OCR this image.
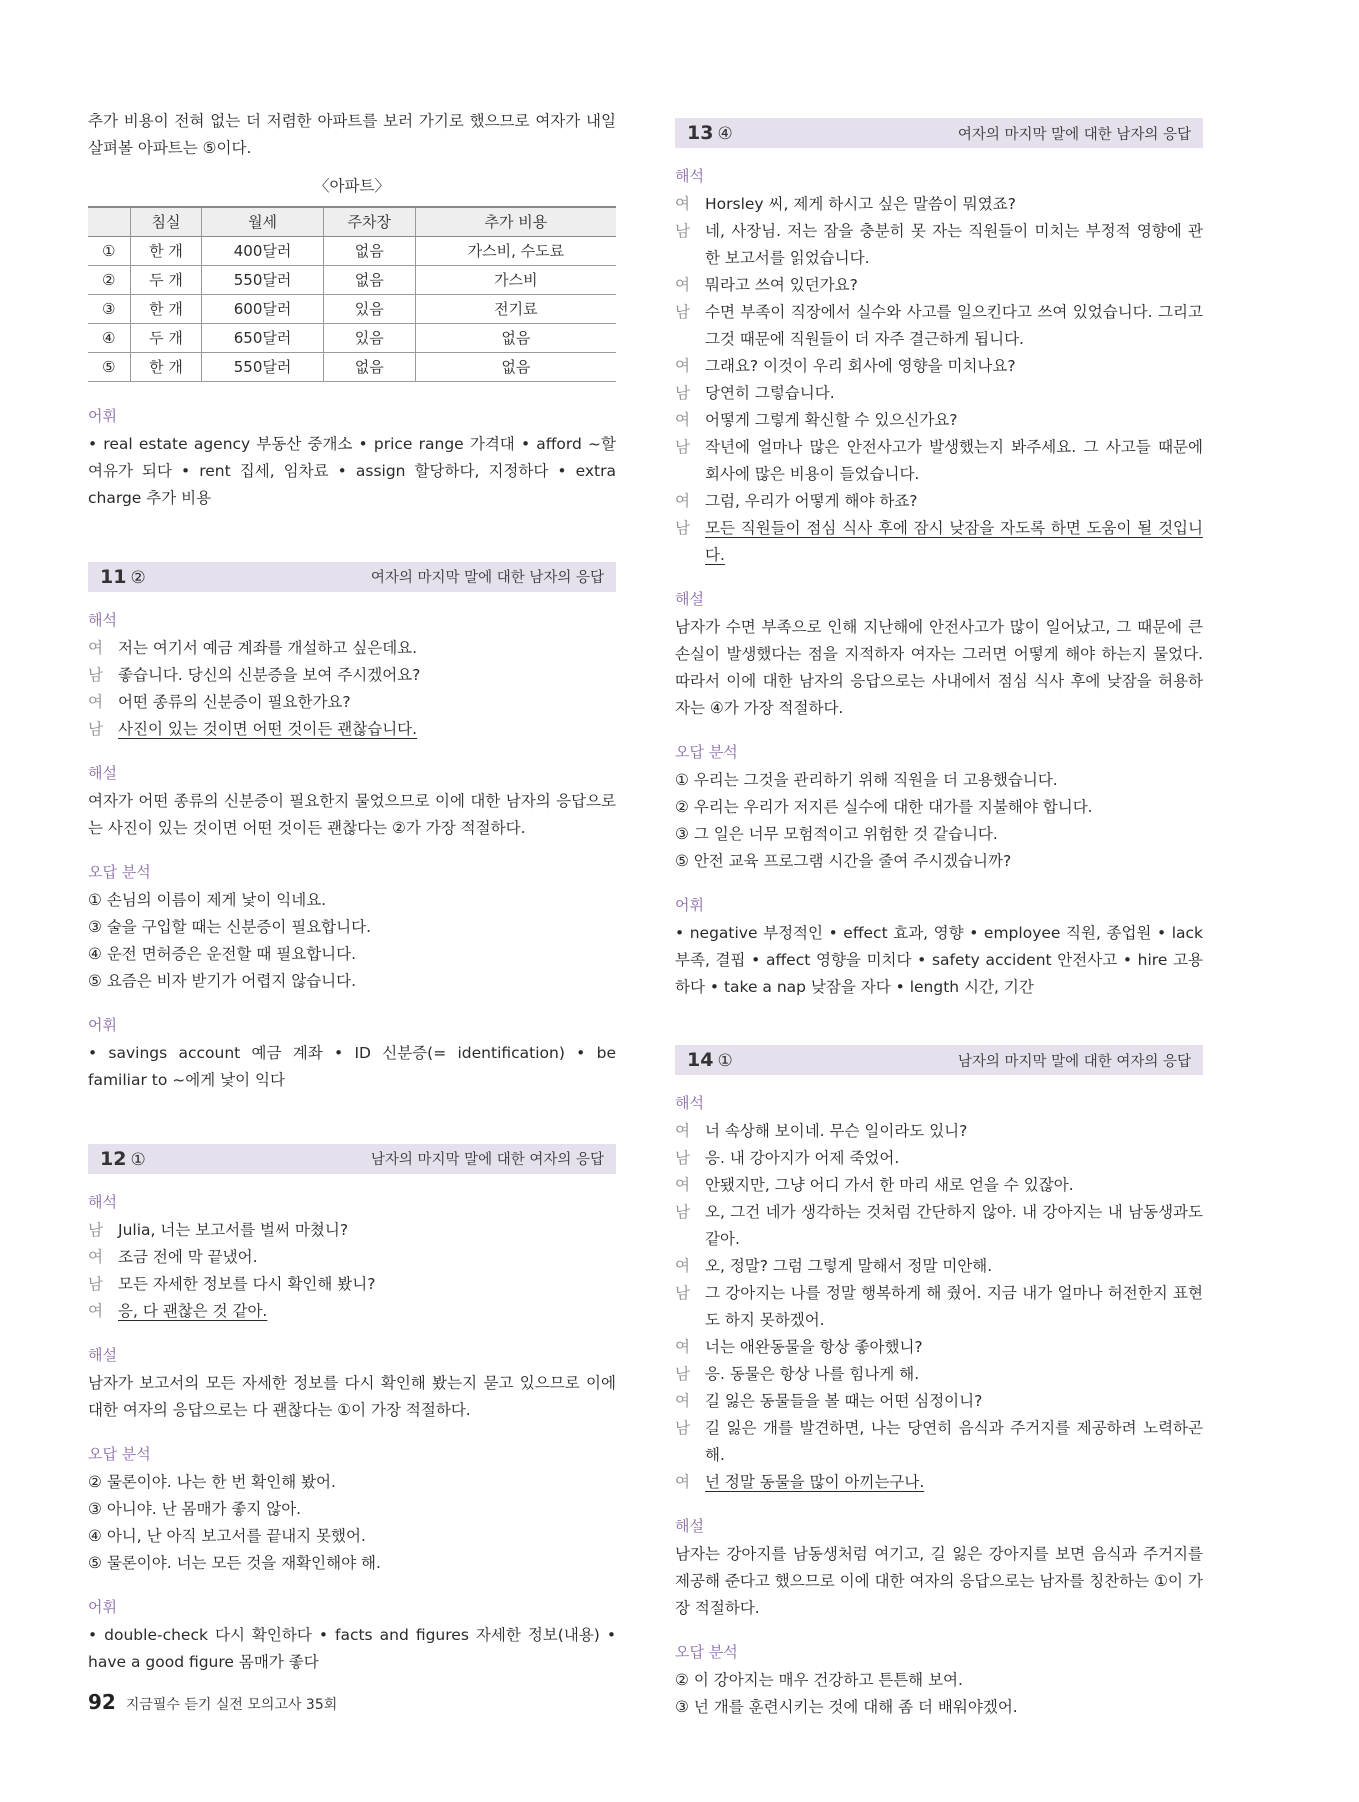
추가 비용이 전혀 없는 더 저렴한 아파트를 보러 가기로 했으므로 여자가 내일 살펴볼 아파트는 ⑤이다.

〈아파트〉
	침실	월세	주차장	추가 비용
①	한 개	400달러	없음	가스비, 수도료
②	두 개	550달러	없음	가스비
③	한 개	600달러	있음	전기료
④	두 개	650달러	있음	없음
⑤	한 개	550달러	없음	없음
어휘

• real estate agency 부동산 중개소 • price range 가격대 • afford ~할 여유가 되다 • rent 집세, 임차료 • assign 할당하다, 지정하다 • extra charge 추가 비용

11 ②	여자의 마지막 말에 대한 남자의 응답
해석
여 저는 여기서 예금 계좌를 개설하고 싶은데요.
남 좋습니다. 당신의 신분증을 보여 주시겠어요?
여 어떤 종류의 신분증이 필요한가요?
남 사진이 있는 것이면 어떤 것이든 괜찮습니다.
해설

여자가 어떤 종류의 신분증이 필요한지 물었으므로 이에 대한 남자의 응답으로는 사진이 있는 것이면 어떤 것이든 괜찮다는 ②가 가장 적절하다.

오답 분석
① 손님의 이름이 제게 낯이 익네요.
③ 술을 구입할 때는 신분증이 필요합니다.
④ 운전 면허증은 운전할 때 필요합니다.
⑤ 요즘은 비자 받기가 어렵지 않습니다.
어휘

• savings account 예금 계좌 • ID 신분증(= identification) • be familiar to ~에게 낯이 익다

12 ①	남자의 마지막 말에 대한 여자의 응답
해석
남 Julia, 너는 보고서를 벌써 마쳤니?
여 조금 전에 막 끝냈어.
남 모든 자세한 정보를 다시 확인해 봤니?
여 응, 다 괜찮은 것 같아.
해설

남자가 보고서의 모든 자세한 정보를 다시 확인해 봤는지 묻고 있으므로 이에 대한 여자의 응답으로는 다 괜찮다는 ①이 가장 적절하다.

오답 분석
② 물론이야. 나는 한 번 확인해 봤어.
③ 아니야. 난 몸매가 좋지 않아.
④ 아니, 난 아직 보고서를 끝내지 못했어.
⑤ 물론이야. 너는 모든 것을 재확인해야 해.
어휘

• double-check 다시 확인하다 • facts and figures 자세한 정보(내용) • have a good figure 몸매가 좋다

13 ④	여자의 마지막 말에 대한 남자의 응답
해석
여 Horsley 씨, 제게 하시고 싶은 말씀이 뭐였죠?
남 네, 사장님. 저는 잠을 충분히 못 자는 직원들이 미치는 부정적 영향에 관한 보고서를 읽었습니다.
여 뭐라고 쓰여 있던가요?
남 수면 부족이 직장에서 실수와 사고를 일으킨다고 쓰여 있었습니다. 그리고 그것 때문에 직원들이 더 자주 결근하게 됩니다.
여 그래요? 이것이 우리 회사에 영향을 미치나요?
남 당연히 그렇습니다.
여 어떻게 그렇게 확신할 수 있으신가요?
남 작년에 얼마나 많은 안전사고가 발생했는지 봐주세요. 그 사고들 때문에 회사에 많은 비용이 들었습니다.
여 그럼, 우리가 어떻게 해야 하죠?
남 모든 직원들이 점심 식사 후에 잠시 낮잠을 자도록 하면 도움이 될 것입니다.
해설

남자가 수면 부족으로 인해 지난해에 안전사고가 많이 일어났고, 그 때문에 큰 손실이 발생했다는 점을 지적하자 여자는 그러면 어떻게 해야 하는지 물었다. 따라서 이에 대한 남자의 응답으로는 사내에서 점심 식사 후에 낮잠을 허용하자는 ④가 가장 적절하다.

오답 분석
① 우리는 그것을 관리하기 위해 직원을 더 고용했습니다.
② 우리는 우리가 저지른 실수에 대한 대가를 지불해야 합니다.
③ 그 일은 너무 모험적이고 위험한 것 같습니다.
⑤ 안전 교육 프로그램 시간을 줄여 주시겠습니까?
어휘

• negative 부정적인 • effect 효과, 영향 • employee 직원, 종업원 • lack 부족, 결핍 • affect 영향을 미치다 • safety accident 안전사고 • hire 고용하다 • take a nap 낮잠을 자다 • length 시간, 기간

14 ①	남자의 마지막 말에 대한 여자의 응답
해석
여 너 속상해 보이네. 무슨 일이라도 있니?
남 응. 내 강아지가 어제 죽었어.
여 안됐지만, 그냥 어디 가서 한 마리 새로 얻을 수 있잖아.
남 오, 그건 네가 생각하는 것처럼 간단하지 않아. 내 강아지는 내 남동생과도 같아.
여 오, 정말? 그럼 그렇게 말해서 정말 미안해.
남 그 강아지는 나를 정말 행복하게 해 줬어. 지금 내가 얼마나 허전한지 표현도 하지 못하겠어.
여 너는 애완동물을 항상 좋아했니?
남 응. 동물은 항상 나를 힘나게 해.
여 길 잃은 동물들을 볼 때는 어떤 심정이니?
남 길 잃은 개를 발견하면, 나는 당연히 음식과 주거지를 제공하려 노력하곤 해.
여 넌 정말 동물을 많이 아끼는구나.
해설

남자는 강아지를 남동생처럼 여기고, 길 잃은 강아지를 보면 음식과 주거지를 제공해 준다고 했으므로 이에 대한 여자의 응답으로는 남자를 칭찬하는 ①이 가장 적절하다.

오답 분석
② 이 강아지는 매우 건강하고 튼튼해 보여.
③ 넌 개를 훈련시키는 것에 대해 좀 더 배워야겠어.
92 지금필수 듣기 실전 모의고사 35회
